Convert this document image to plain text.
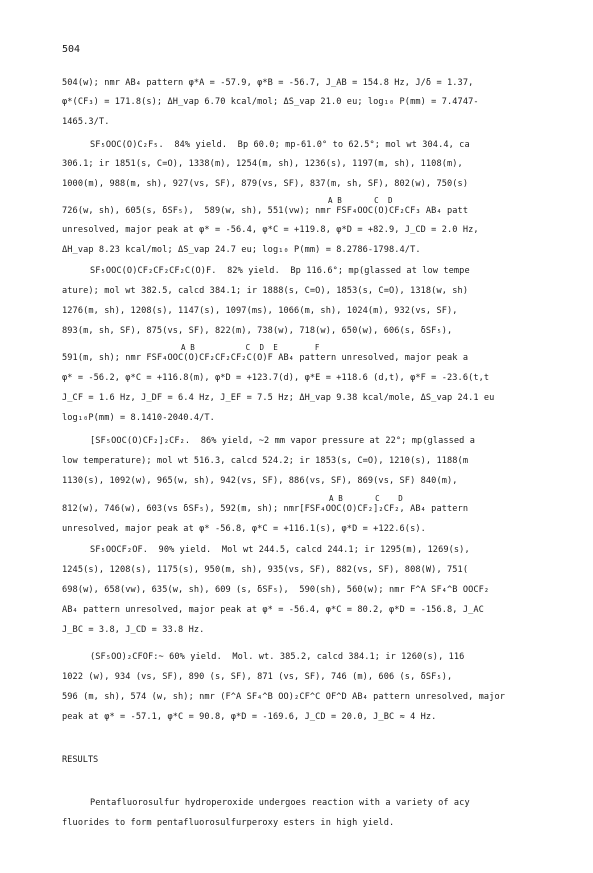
504
504(w); nmr AB₄ pattern φ*A = -57.9, φ*B = -56.7, J_AB = 154.8 Hz, J/δ = 1.37,
φ*(CF₃) = 171.8(s); ΔH_vap 6.70 kcal/mol; ΔS_vap 21.0 eu; log₁₀ P(mm) = 7.4747-
1465.3/T.
SF₅OOC(O)C₂F₅.  84% yield.  Bp 60.0; mp-61.0° to 62.5°; mol wt 304.4, ca
306.1; ir 1851(s, C=O), 1338(m), 1254(m, sh), 1236(s), 1197(m, sh), 1108(m),
1000(m), 988(m, sh), 927(vs, SF), 879(vs, SF), 837(m, sh, SF), 802(w), 750(s)
A B       C  D
726(w, sh), 605(s, δSF₅),  589(w, sh), 551(vw); nmr FSF₄OOC(O)CF₂CF₃ AB₄ patt
unresolved, major peak at φ* = -56.4, φ*C = +119.8, φ*D = +82.9, J_CD = 2.0 Hz,
ΔH_vap 8.23 kcal/mol; ΔS_vap 24.7 eu; log₁₀ P(mm) = 8.2786-1798.4/T.
SF₅OOC(O)CF₂CF₂CF₂C(O)F.  82% yield.  Bp 116.6°; mp(glassed at low tempe
ature); mol wt 382.5, calcd 384.1; ir 1888(s, C=O), 1853(s, C=O), 1318(w, sh)
1276(m, sh), 1208(s), 1147(s), 1097(ms), 1066(m, sh), 1024(m), 932(vs, SF),
893(m, sh, SF), 875(vs, SF), 822(m), 738(w), 718(w), 650(w), 606(s, δSF₅),
A B           C  D  E        F
591(m, sh); nmr FSF₄OOC(O)CF₂CF₂CF₂C(O)F AB₄ pattern unresolved, major peak a
φ* = -56.2, φ*C = +116.8(m), φ*D = +123.7(d), φ*E = +118.6 (d,t), φ*F = -23.6(t,t
J_CF = 1.6 Hz, J_DF = 6.4 Hz, J_EF = 7.5 Hz; ΔH_vap 9.38 kcal/mole, ΔS_vap 24.1 eu
log₁₀P(mm) = 8.1410-2040.4/T.
[SF₅OOC(O)CF₂]₂CF₂.  86% yield, ~2 mm vapor pressure at 22°; mp(glassed a
low temperature); mol wt 516.3, calcd 524.2; ir 1853(s, C=O), 1210(s), 1188(m
1130(s), 1092(w), 965(w, sh), 942(vs, SF), 886(vs, SF), 869(vs, SF) 840(m),
A B       C    D
812(w), 746(w), 603(vs δSF₅), 592(m, sh); nmr[FSF₄OOC(O)CF₂]₂CF₂, AB₄ pattern
unresolved, major peak at φ* -56.8, φ*C = +116.1(s), φ*D = +122.6(s).
SF₅OOCF₂OF.  90% yield.  Mol wt 244.5, calcd 244.1; ir 1295(m), 1269(s),
1245(s), 1208(s), 1175(s), 950(m, sh), 935(vs, SF), 882(vs, SF), 808(W), 751(
698(w), 658(vw), 635(w, sh), 609 (s, δSF₅),  590(sh), 560(w); nmr F^A SF₄^B OOCF₂
AB₄ pattern unresolved, major peak at φ* = -56.4, φ*C = 80.2, φ*D = -156.8, J_AC
J_BC = 3.8, J_CD = 33.8 Hz.
(SF₅OO)₂CFOF:~ 60% yield.  Mol. wt. 385.2, calcd 384.1; ir 1260(s), 116
1022 (w), 934 (vs, SF), 890 (s, SF), 871 (vs, SF), 746 (m), 606 (s, δSF₅),
596 (m, sh), 574 (w, sh); nmr (F^A SF₄^B OO)₂CF^C OF^D AB₄ pattern unresolved, major
peak at φ* = -57.1, φ*C = 90.8, φ*D = -169.6, J_CD = 20.0, J_BC ≈ 4 Hz.
RESULTS
Pentafluorosulfur hydroperoxide undergoes reaction with a variety of acy
fluorides to form pentafluorosulfurperoxy esters in high yield.
